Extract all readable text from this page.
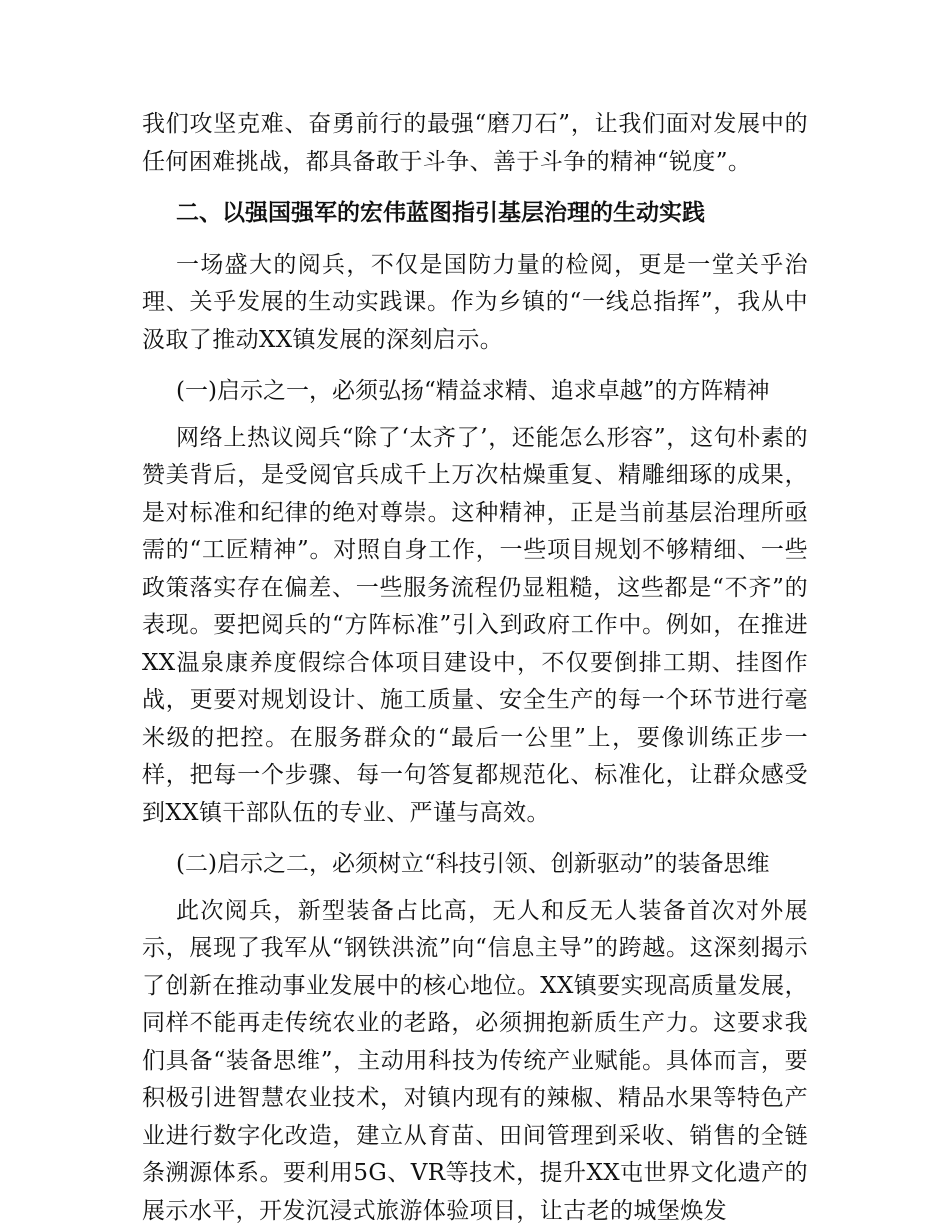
我们攻坚克难、奋勇前行的最强“磨刀石”，让我们面对发展中的任何困难挑战，都具备敢于斗争、善于斗争的精神“锐度”。

二、以强国强军的宏伟蓝图指引基层治理的生动实践

一场盛大的阅兵，不仅是国防力量的检阅，更是一堂关乎治理、关乎发展的生动实践课。作为乡镇的“一线总指挥”，我从中汲取了推动XX镇发展的深刻启示。

(一)启示之一，必须弘扬“精益求精、追求卓越”的方阵精神

网络上热议阅兵“除了‘太齐了’，还能怎么形容”，这句朴素的赞美背后，是受阅官兵成千上万次枯燥重复、精雕细琢的成果，是对标准和纪律的绝对尊崇。这种精神，正是当前基层治理所亟需的“工匠精神”。对照自身工作，一些项目规划不够精细、一些政策落实存在偏差、一些服务流程仍显粗糙，这些都是“不齐”的表现。要把阅兵的“方阵标准”引入到政府工作中。例如，在推进XX温泉康养度假综合体项目建设中，不仅要倒排工期、挂图作战，更要对规划设计、施工质量、安全生产的每一个环节进行毫米级的把控。在服务群众的“最后一公里”上，要像训练正步一样，把每一个步骤、每一句答复都规范化、标准化，让群众感受到XX镇干部队伍的专业、严谨与高效。

(二)启示之二，必须树立“科技引领、创新驱动”的装备思维

此次阅兵，新型装备占比高，无人和反无人装备首次对外展示，展现了我军从“钢铁洪流”向“信息主导”的跨越。这深刻揭示了创新在推动事业发展中的核心地位。XX镇要实现高质量发展，同样不能再走传统农业的老路，必须拥抱新质生产力。这要求我们具备“装备思维”，主动用科技为传统产业赋能。具体而言，要积极引进智慧农业技术，对镇内现有的辣椒、精品水果等特色产业进行数字化改造，建立从育苗、田间管理到采收、销售的全链条溯源体系。要利用5G、VR等技术，提升XX屯世界文化遗产的展示水平，开发沉浸式旅游体验项目，让古老的城堡焕发
